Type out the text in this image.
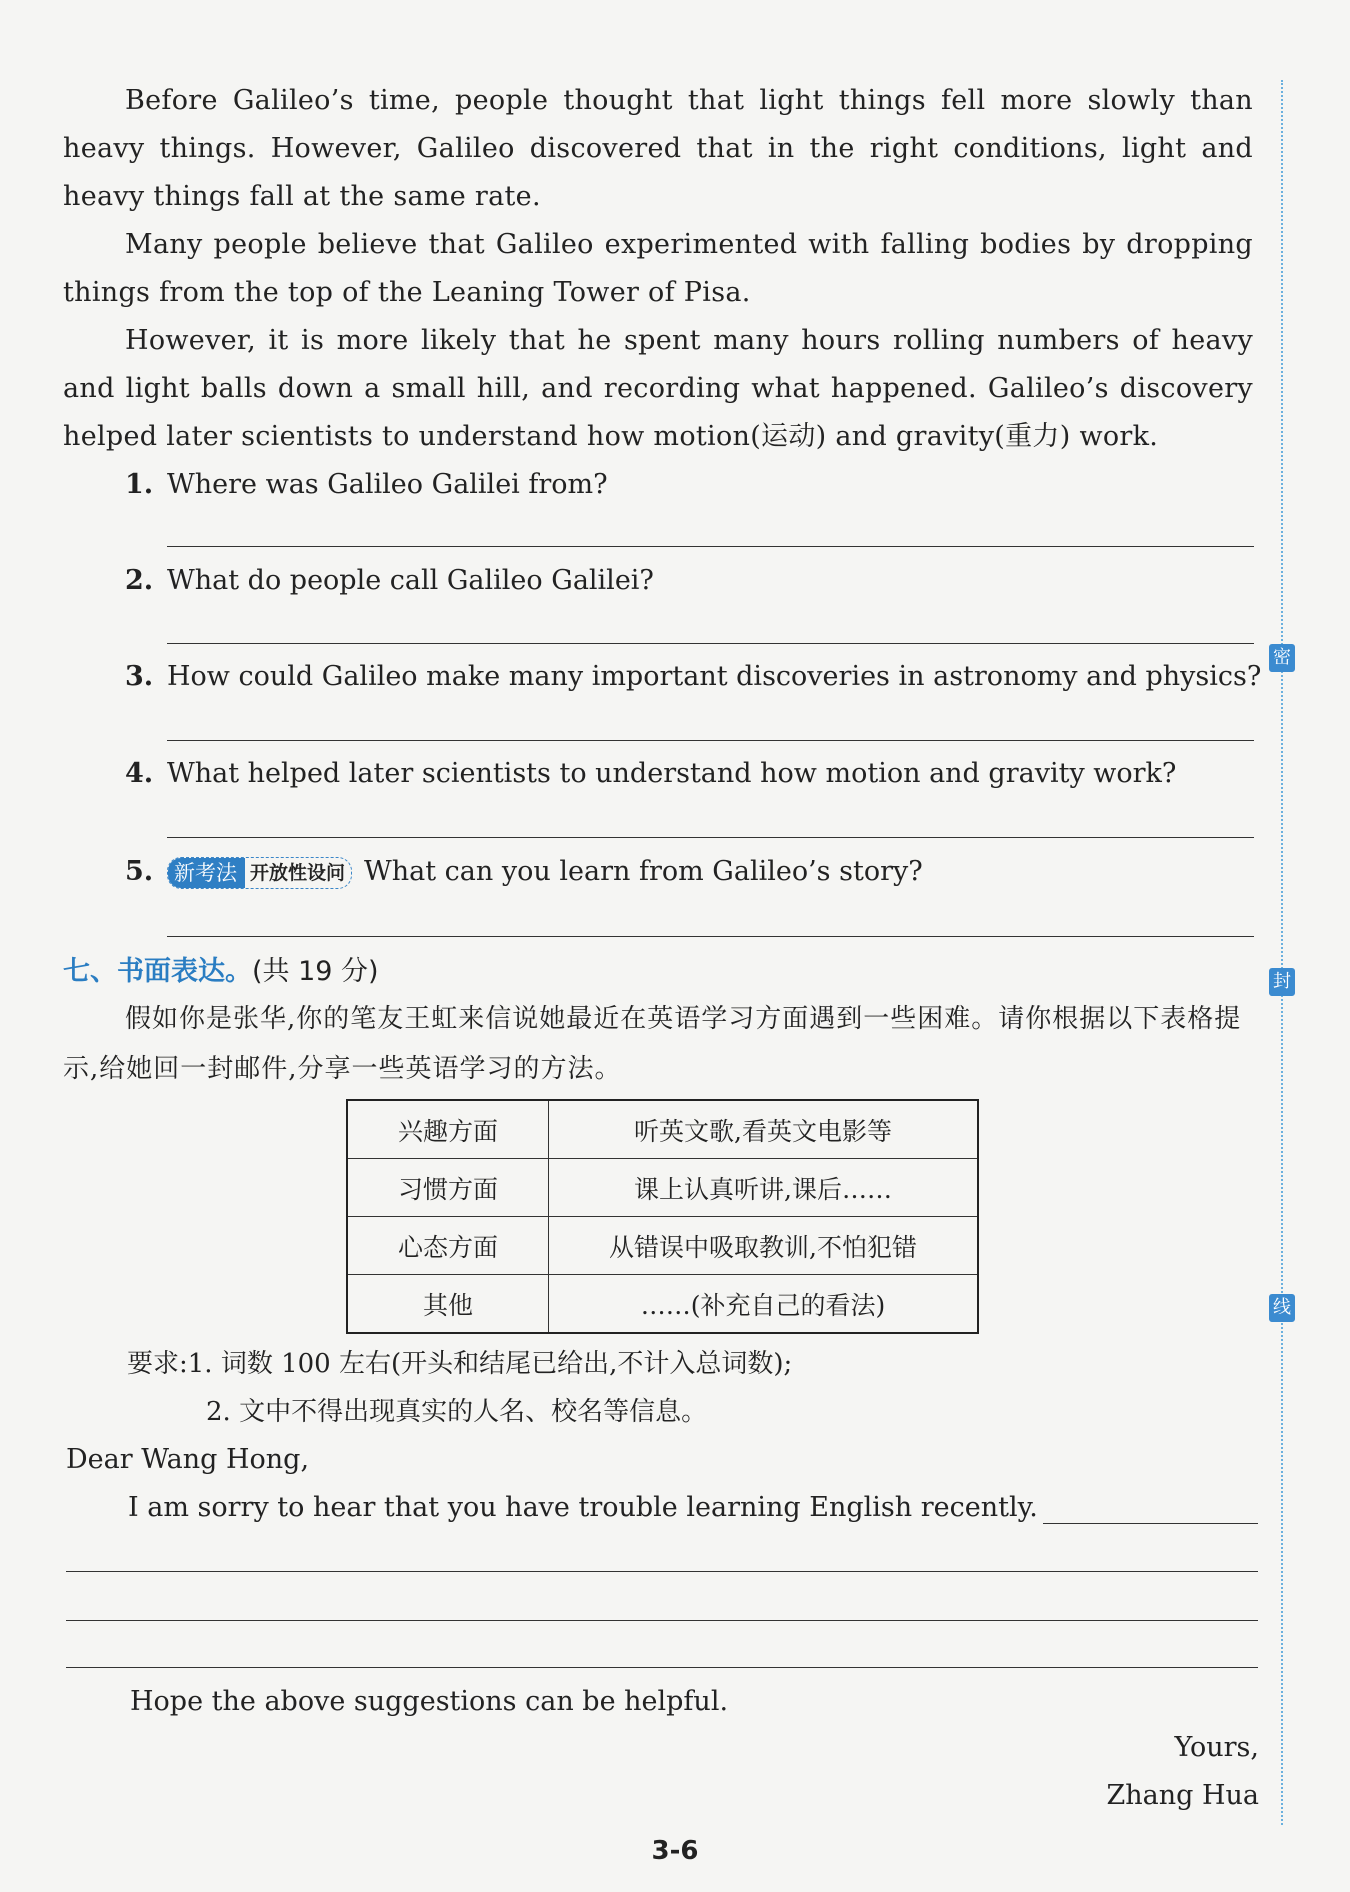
Before Galileo’s time, people thought that light things fell more slowly than heavy things. However, Galileo discovered that in the right conditions, light and heavy things fall at the same rate.
Many people believe that Galileo experimented with falling bodies by dropping things from the top of the Leaning Tower of Pisa.
However, it is more likely that he spent many hours rolling numbers of heavy and light balls down a small hill, and recording what happened. Galileo’s discovery helped later scientists to understand how motion(运动) and gravity(重力) work.
1. Where was Galileo Galilei from?
2. What do people call Galileo Galilei?
3. How could Galileo make many important discoveries in astronomy and physics?
4. What helped later scientists to understand how motion and gravity work?
5. 新考法 开放性设问 What can you learn from Galileo’s story?
七、书面表达。(共 19 分)
假如你是张华,你的笔友王虹来信说她最近在英语学习方面遇到一些困难。请你根据以下表格提示,给她回一封邮件,分享一些英语学习的方法。
兴趣方面	听英文歌,看英文电影等
习惯方面	课上认真听讲,课后……
心态方面	从错误中吸取教训,不怕犯错
其他	……(补充自己的看法)
要求:1. 词数 100 左右(开头和结尾已给出,不计入总词数);
2. 文中不得出现真实的人名、校名等信息。
Dear Wang Hong,
I am sorry to hear that you have trouble learning English recently.
Hope the above suggestions can be helpful.
Yours,
Zhang Hua
3-6
密
封
线
